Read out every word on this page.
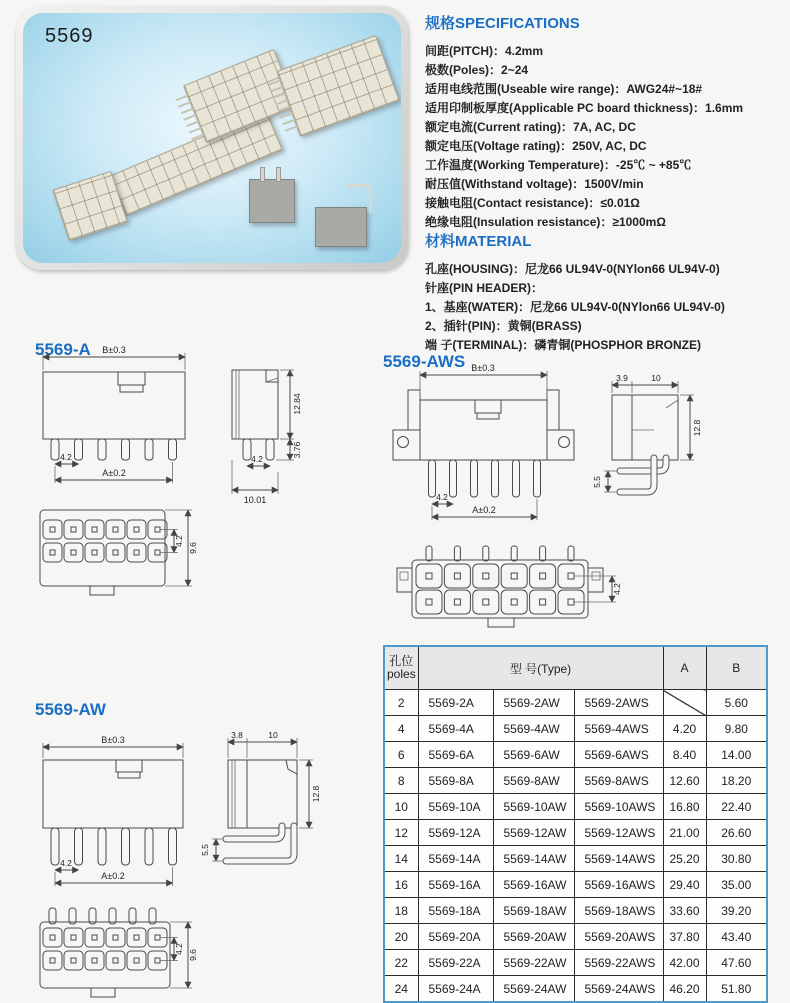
5569
规格SPECIFICATIONS
间距(PITCH)：4.2mm
极数(Poles)：2~24
适用电线范围(Useable wire range)：AWG24#~18#
适用印制板厚度(Applicable PC board thickness)：1.6mm
额定电流(Current rating)：7A, AC, DC
额定电压(Voltage rating)：250V, AC, DC
工作温度(Working Temperature)：-25℃ ~ +85℃
耐压值(Withstand voltage)：1500V/min
接触电阻(Contact resistance)：≤0.01Ω
绝缘电阻(Insulation resistance)：≥1000mΩ
材料MATERIAL
孔座(HOUSING)：尼龙66 UL94V-0(NYlon66 UL94V-0)
针座(PIN HEADER)：
1、基座(WATER)：尼龙66 UL94V-0(NYlon66 UL94V-0)
2、插针(PIN)：黄铜(BRASS)
端 子(TERMINAL)：磷青铜(PHOSPHOR BRONZE)
5569-A B±0.3
4.2
A±0.2
12.84
3.76
4.2
10.01
4.2
9.6
5569-AWS B±0.3
4.2
A±0.2
3.9	10
12.8
5.5
4.2
5569-AW
B±0.3
4.2
A±0.2
3.8	10
12.8
5.5
4.2
9.6
孔位
poles	型 号(Type)			A	B
2	5569-2A	5569-2AW	5569-2AWS		5.60
4	5569-4A	5569-4AW	5569-4AWS	4.20	9.80
6	5569-6A	5569-6AW	5569-6AWS	8.40	14.00
8	5569-8A	5569-8AW	5569-8AWS	12.60	18.20
10	5569-10A	5569-10AW	5569-10AWS	16.80	22.40
12	5569-12A	5569-12AW	5569-12AWS	21.00	26.60
14	5569-14A	5569-14AW	5569-14AWS	25.20	30.80
16	5569-16A	5569-16AW	5569-16AWS	29.40	35.00
18	5569-18A	5569-18AW	5569-18AWS	33.60	39.20
20	5569-20A	5569-20AW	5569-20AWS	37.80	43.40
22	5569-22A	5569-22AW	5569-22AWS	42.00	47.60
24	5569-24A	5569-24AW	5569-24AWS	46.20	51.80
